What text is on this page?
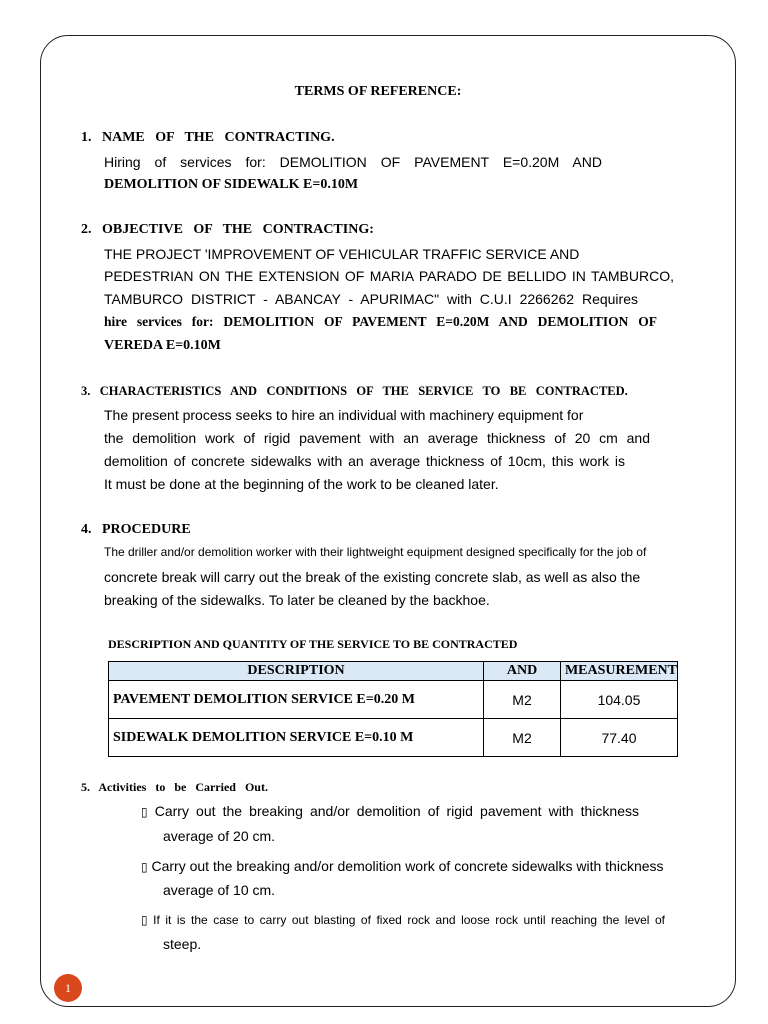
TERMS OF REFERENCE:
1.   NAME   OF   THE   CONTRACTING.
Hiring of services for: DEMOLITION OF PAVEMENT E=0.20M AND
DEMOLITION OF SIDEWALK E=0.10M
2.   OBJECTIVE   OF   THE   CONTRACTING:
THE PROJECT 'IMPROVEMENT OF VEHICULAR TRAFFIC SERVICE AND
PEDESTRIAN ON THE EXTENSION OF MARIA PARADO DE BELLIDO IN TAMBURCO,
TAMBURCO DISTRICT - ABANCAY - APURIMAC" with C.U.I 2266262 Requires
hire services for: DEMOLITION OF PAVEMENT E=0.20M AND DEMOLITION OF
VEREDA E=0.10M
3.   CHARACTERISTICS   AND   CONDITIONS   OF   THE   SERVICE   TO   BE   CONTRACTED.
The present process seeks to hire an individual with machinery equipment for
the demolition work of rigid pavement with an average thickness of 20 cm and
demolition of concrete sidewalks with an average thickness of 10cm, this work is
It must be done at the beginning of the work to be cleaned later.
4.   PROCEDURE
The driller and/or demolition worker with their lightweight equipment designed specifically for the job of
concrete break will carry out the break of the existing concrete slab, as well as also the
breaking of the sidewalks. To later be cleaned by the backhoe.
DESCRIPTION AND QUANTITY OF THE SERVICE TO BE CONTRACTED
DESCRIPTION	AND	MEASUREMENT
PAVEMENT DEMOLITION SERVICE E=0.20 M	M2	104.05
SIDEWALK DEMOLITION SERVICE E=0.10 M	M2	77.40
5.   Activities   to   be   Carried   Out.
▯ Carry out the breaking and/or demolition of rigid pavement with thickness
average of 20 cm.
▯ Carry out the breaking and/or demolition work of concrete sidewalks with thickness
average of 10 cm.
▯ If it is the case to carry out blasting of fixed rock and loose rock until reaching the level of
steep.
1
